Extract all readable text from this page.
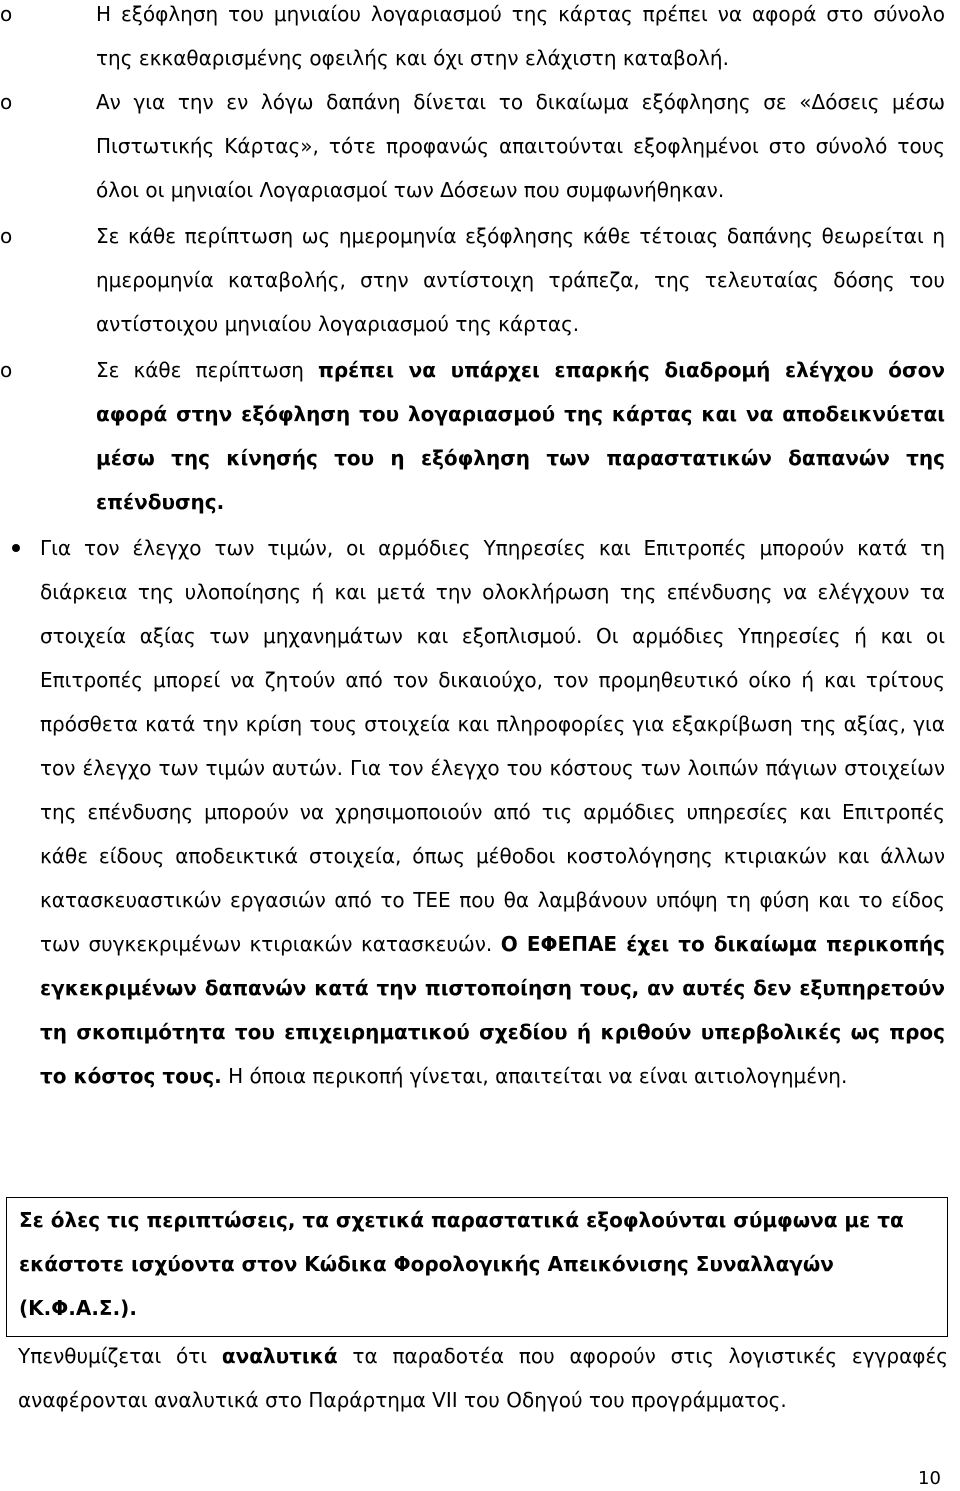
o	Η εξόφληση του μηνιαίου λογαριασμού της κάρτας πρέπει να αφορά στο σύνολο της εκκαθαρισμένης οφειλής και όχι στην ελάχιστη καταβολή.

o	Αν για την εν λόγω δαπάνη δίνεται το δικαίωμα εξόφλησης σε «Δόσεις μέσω Πιστωτικής Κάρτας», τότε προφανώς απαιτούνται εξοφλημένοι στο σύνολό τους όλοι οι μηνιαίοι Λογαριασμοί των Δόσεων που συμφωνήθηκαν.

o	Σε κάθε περίπτωση ως ημερομηνία εξόφλησης κάθε τέτοιας δαπάνης θεωρείται η ημερομηνία καταβολής, στην αντίστοιχη τράπεζα, της τελευταίας δόσης του αντίστοιχου μηνιαίου λογαριασμού της κάρτας.

o	Σε κάθε περίπτωση πρέπει να υπάρχει επαρκής διαδρομή ελέγχου όσον αφορά στην εξόφληση του λογαριασμού της κάρτας και να αποδεικνύεται μέσω της κίνησής του η εξόφληση των παραστατικών δαπανών της επένδυσης.

Για τον έλεγχο των τιμών, οι αρμόδιες Υπηρεσίες και Επιτροπές μπορούν κατά τη διάρκεια της υλοποίησης ή και μετά την ολοκλήρωση της επένδυσης να ελέγχουν τα στοιχεία αξίας των μηχανημάτων και εξοπλισμού. Οι αρμόδιες Υπηρεσίες ή και οι Επιτροπές μπορεί να ζητούν από τον δικαιούχο, τον προμηθευτικό οίκο ή και τρίτους πρόσθετα κατά την κρίση τους στοιχεία και πληροφορίες για εξακρίβωση της αξίας, για τον έλεγχο των τιμών αυτών. Για τον έλεγχο του κόστους των λοιπών πάγιων στοιχείων της επένδυσης μπορούν να χρησιμοποιούν από τις αρμόδιες υπηρεσίες και Επιτροπές κάθε είδους αποδεικτικά στοιχεία, όπως μέθοδοι κοστολόγησης κτιριακών και άλλων κατασκευαστικών εργασιών από το ΤΕΕ που θα λαμβάνουν υπόψη τη φύση και το είδος των συγκεκριμένων κτιριακών κατασκευών. Ο ΕΦΕΠΑΕ έχει το δικαίωμα περικοπής εγκεκριμένων δαπανών κατά την πιστοποίηση τους, αν αυτές δεν εξυπηρετούν τη σκοπιμότητα του επιχειρηματικού σχεδίου ή κριθούν υπερβολικές ως προς το κόστος τους. Η όποια περικοπή γίνεται, απαιτείται να είναι αιτιολογημένη.

Σε όλες τις περιπτώσεις, τα σχετικά παραστατικά εξοφλούνται σύμφωνα με τα εκάστοτε ισχύοντα στον Κώδικα Φορολογικής Απεικόνισης Συναλλαγών (Κ.Φ.Α.Σ.).

Υπενθυμίζεται ότι αναλυτικά τα παραδοτέα που αφορούν στις λογιστικές εγγραφές αναφέρονται αναλυτικά στο Παράρτημα VII του Οδηγού του προγράμματος.

10
